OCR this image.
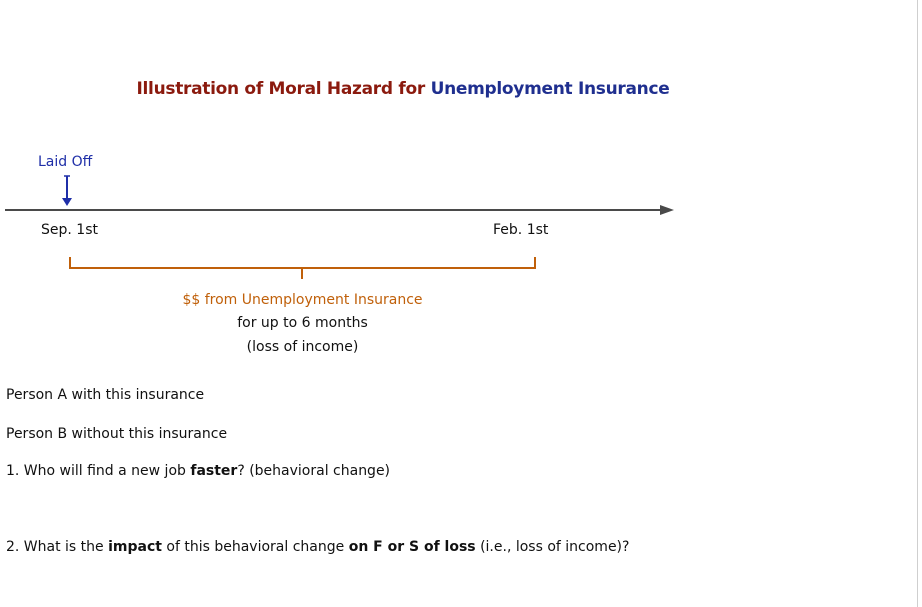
Illustration of Moral Hazard for Unemployment Insurance
Laid Off
Sep. 1st	Feb. 1st
$$ from Unemployment Insurance
for up to 6 months
(loss of income)
Person A with this insurance
Person B without this insurance
1. Who will find a new job faster? (behavioral change)
2. What is the impact of this behavioral change on F or S of loss (i.e., loss of income)?
